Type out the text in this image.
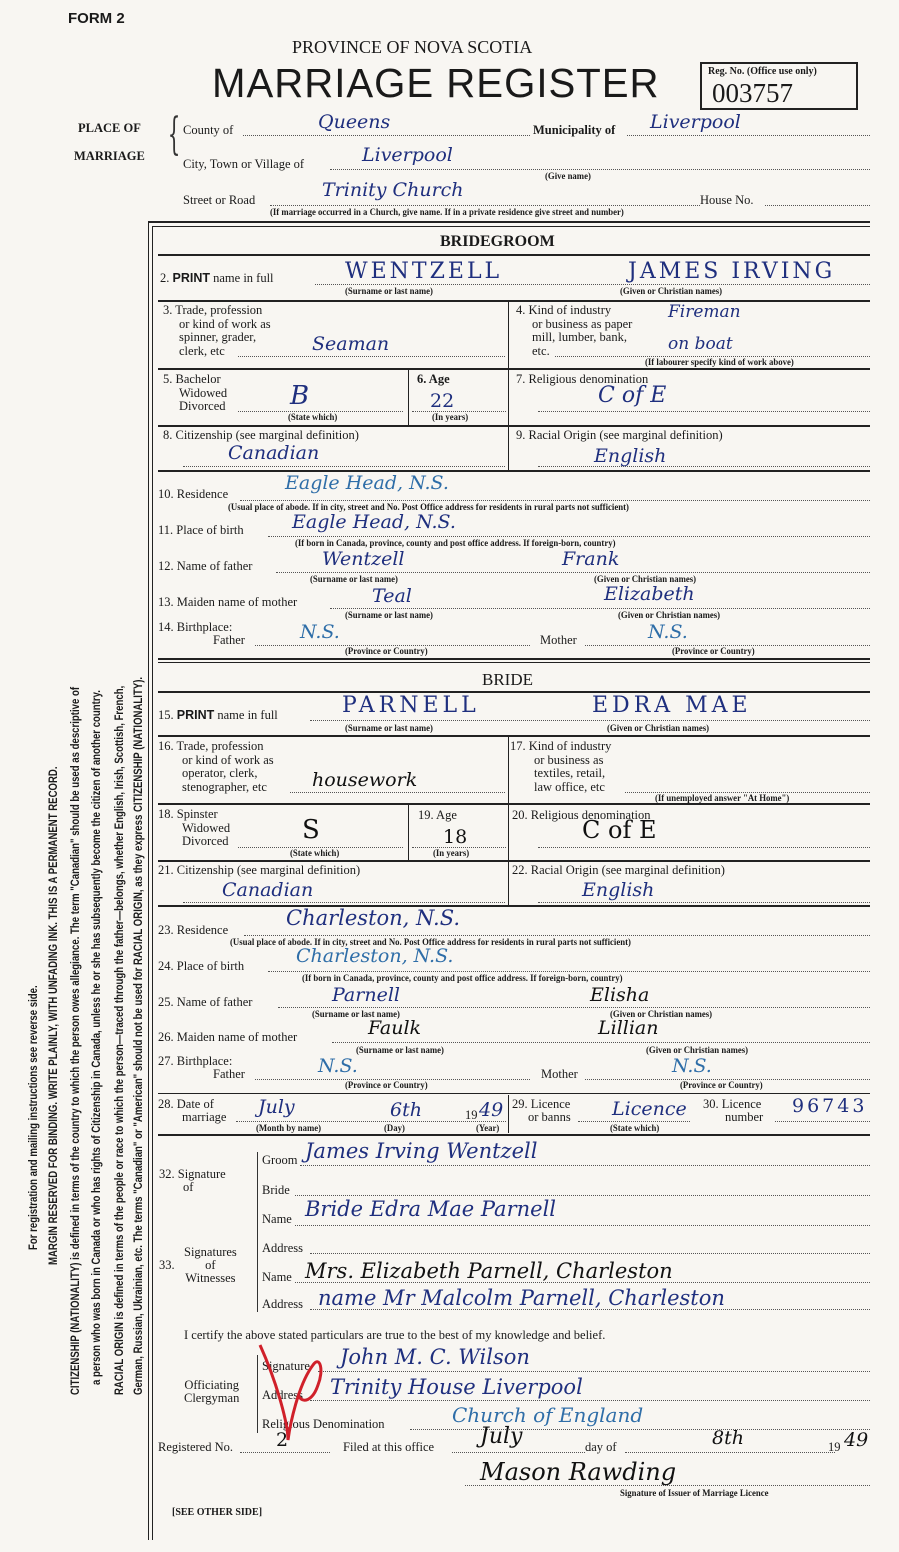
FORM 2
PROVINCE OF NOVA SCOTIA
MARRIAGE REGISTER	Reg. No. (Office use only)
003757
PLACE OF
MARRIAGE { County of	Queens	Municipality of Liverpool
City, Town or Village of	Liverpool
(Give name)
Street or Road	Trinity Church	House No.
(If marriage occurred in a Church, give name. If in a private residence give street and number)
For registration and mailing instructions see reverse side. MARGIN RESERVED FOR BINDING. WRITE PLAINLY, WITH UNFADING INK. THIS IS A PERMANENT RECORD. CITIZENSHIP (NATIONALITY) is defined in terms of the country to which the person owes allegiance. The term "Canadian" should be used as descriptive of a person who was born in Canada or who has rights of Citizenship in Canada, unless he or she has subsequently become the citizen of another country. RACIAL ORIGIN is defined in terms of the people or race to which the person—traced through the father—belongs, whether English, Irish, Scottish, French, German, Russian, Ukrainian, etc. The terms "Canadian" or "American" should not be used for RACIAL ORIGIN, as they express CITIZENSHIP (NATIONALITY).
BRIDEGROOM
2. PRINT name in full	WENTZELL	JAMES IRVING
(Surname or last name)	(Given or Christian names)
3. Trade, profession
or kind of work as
spinner, grader,
clerk, etc	Seaman
4. Kind of industry
or business as paper
mill, lumber, bank,
etc.
Fireman
on boat
(If labourer specify kind of work above)
5. Bachelor
Widowed
Divorced B
(State which)
6. Age
22
(In years)
7. Religious denomination
C of E
8. Citizenship (see marginal definition)
Canadian
9. Racial Origin (see marginal definition)
English
10. Residence	Eagle Head, N.S.
(Usual place of abode. If in city, street and No. Post Office address for residents in rural parts not sufficient)
11. Place of birth	Eagle Head, N.S.
(If born in Canada, province, county and post office address. If foreign-born, country)
12. Name of father	Wentzell	Frank
(Surname or last name)	(Given or Christian names)
13. Maiden name of mother	Teal	Elizabeth
(Surname or last name)	(Given or Christian names)
14. Birthplace:
Father	N.S.	Mother	N.S.
(Province or Country)	(Province or Country)
BRIDE
15. PRINT name in full	PARNELL	EDRA MAE
(Surname or last name)	(Given or Christian names)
16. Trade, profession
or kind of work as
operator, clerk,
stenographer, etc	housework
17. Kind of industry
or business as
textiles, retail,
law office, etc
(If unemployed answer "At Home")
18. Spinster
Widowed
Divorced	S
(State which)
19. Age
18
(In years)
20. Religious denomination
C of E
21. Citizenship (see marginal definition)
Canadian
22. Racial Origin (see marginal definition)
English
23. Residence	Charleston, N.S.
(Usual place of abode. If in city, street and No. Post Office address for residents in rural parts not sufficient)
24. Place of birth	Charleston, N.S.
(If born in Canada, province, county and post office address. If foreign-born, country)
25. Name of father	Parnell	Elisha
(Surname or last name)	(Given or Christian names)
26. Maiden name of mother	Faulk	Lillian
(Surname or last name)	(Given or Christian names)
27. Birthplace:
Father	N.S.	Mother	N.S.
(Province or Country)	(Province or Country)
28. Date of
marriage July	6th	19 49
(Month by name)	(Day)	(Year)
29. Licence
or banns Licence
(State which)
30. Licence
number 96743
32. Signature
of
Groom James Irving Wentzell
Bride
Bride Edra Mae Parnell
Name
33.
Signatures
of
Witnesses
Address
Name Mrs. Elizabeth Parnell, Charleston
Address name Mr Malcolm Parnell, Charleston
I certify the above stated particulars are true to the best of my knowledge and belief.
Officiating
Clergyman
Signature John M. C. Wilson
Address Trinity House Liverpool
Religious Denomination	Church of England
Registered No. 2	Filed at this office July	day of	8th	19 49
Mason Rawding
Signature of Issuer of Marriage Licence
[SEE OTHER SIDE]
